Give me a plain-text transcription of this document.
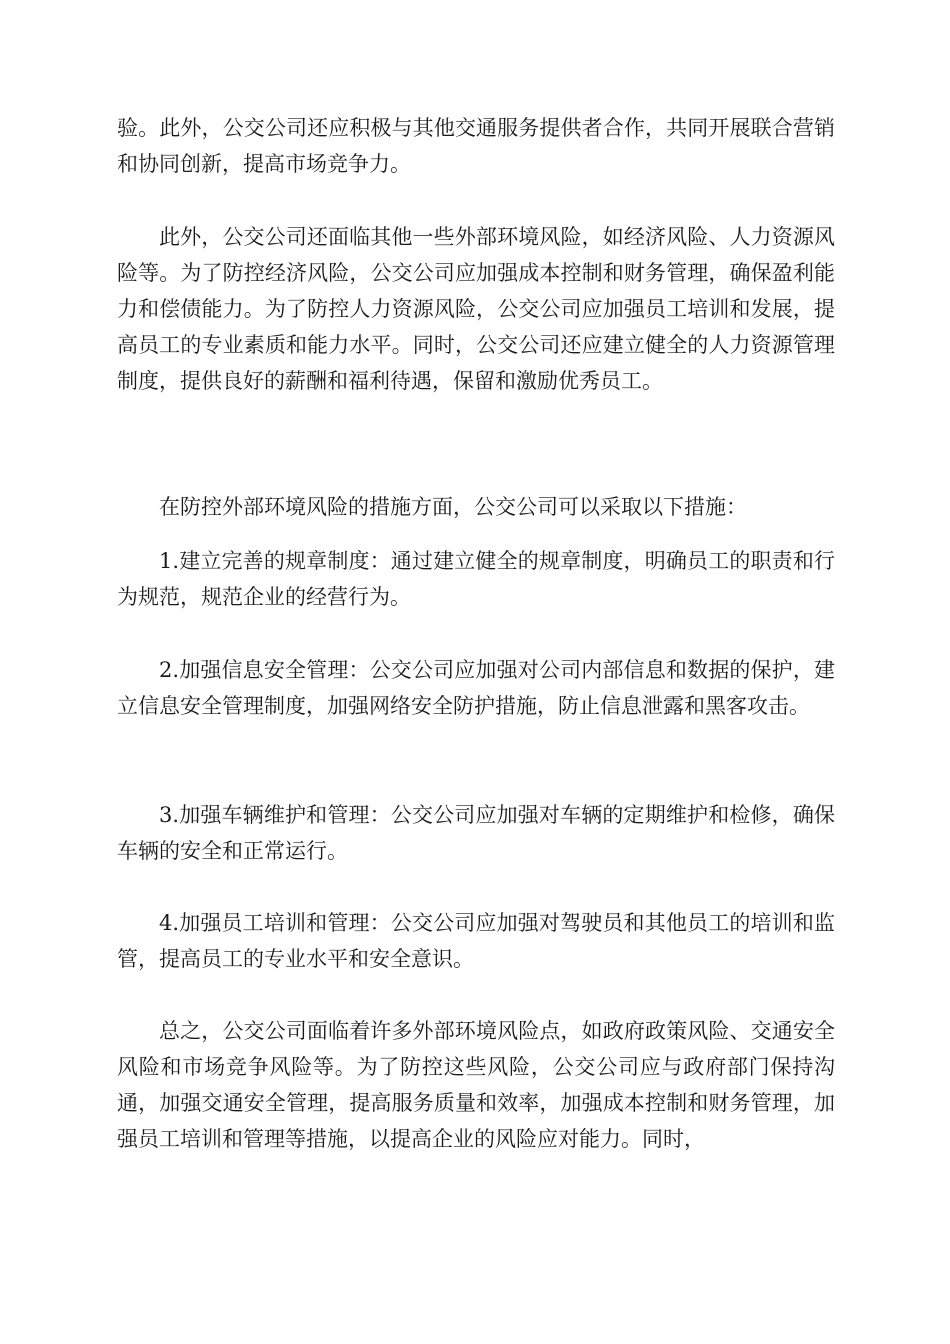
验。此外，公交公司还应积极与其他交通服务提供者合作，共同开展联合营销和协同创新，提高市场竞争力。

此外，公交公司还面临其他一些外部环境风险，如经济风险、人力资源风险等。为了防控经济风险，公交公司应加强成本控制和财务管理，确保盈利能力和偿债能力。为了防控人力资源风险，公交公司应加强员工培训和发展，提高员工的专业素质和能力水平。同时，公交公司还应建立健全的人力资源管理制度，提供良好的薪酬和福利待遇，保留和激励优秀员工。

在防控外部环境风险的措施方面，公交公司可以采取以下措施：

1.建立完善的规章制度：通过建立健全的规章制度，明确员工的职责和行为规范，规范企业的经营行为。

2.加强信息安全管理：公交公司应加强对公司内部信息和数据的保护，建立信息安全管理制度，加强网络安全防护措施，防止信息泄露和黑客攻击。

3.加强车辆维护和管理：公交公司应加强对车辆的定期维护和检修，确保车辆的安全和正常运行。

4.加强员工培训和管理：公交公司应加强对驾驶员和其他员工的培训和监管，提高员工的专业水平和安全意识。

总之，公交公司面临着许多外部环境风险点，如政府政策风险、交通安全风险和市场竞争风险等。为了防控这些风险，公交公司应与政府部门保持沟通，加强交通安全管理，提高服务质量和效率，加强成本控制和财务管理，加强员工培训和管理等措施，以提高企业的风险应对能力。同时，
